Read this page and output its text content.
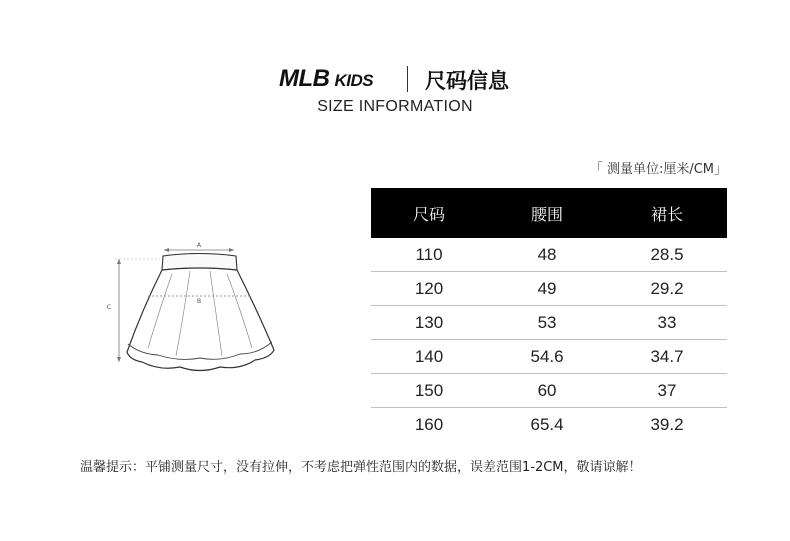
MLB KIDS 尺码信息
SIZE INFORMATION
「 测量单位:厘米/CM」
A
B
C
尺码	腰围	裙长
110	48	28.5
120	49	29.2
130	53	33
140	54.6	34.7
150	60	37
160	65.4	39.2
温馨提示：平铺测量尺寸，没有拉伸，不考虑把弹性范围内的数据，误差范围1-2CM，敬请谅解！
